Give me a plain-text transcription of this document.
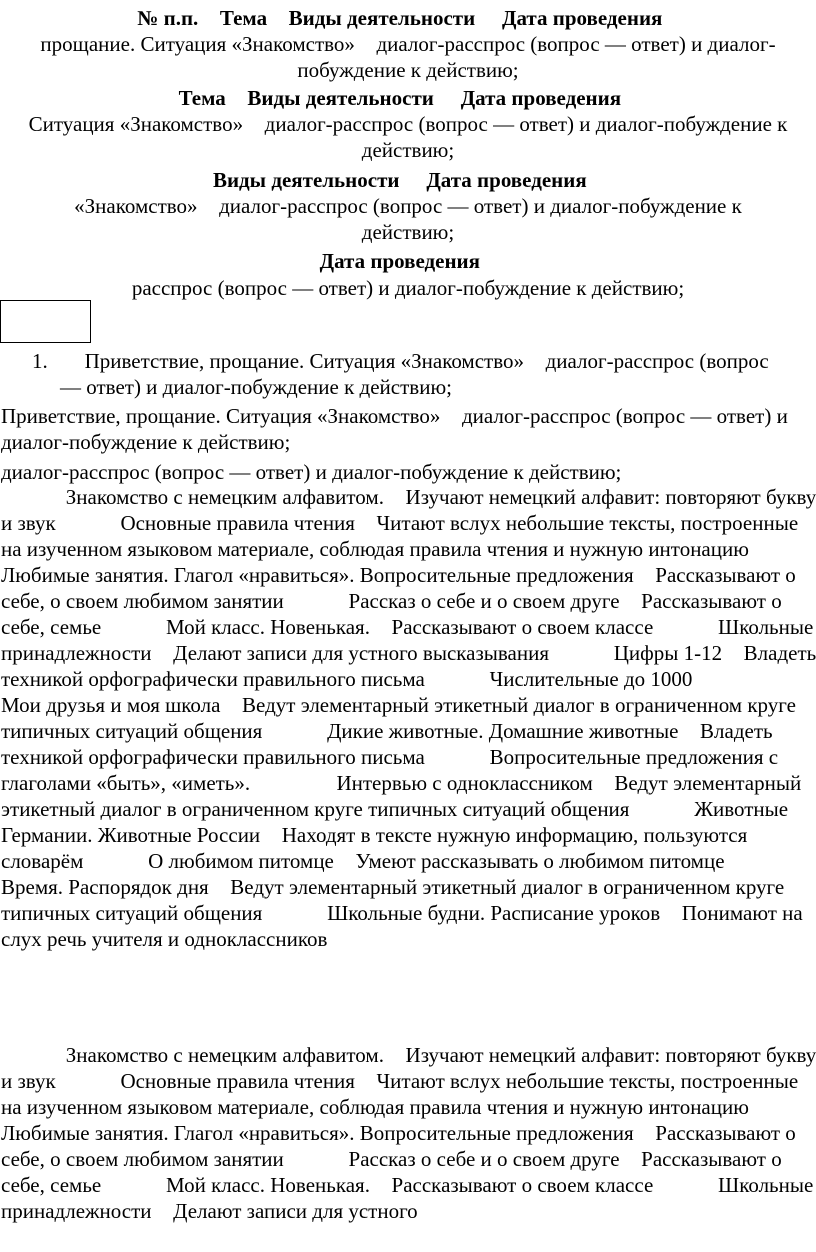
№ п.п. Тема Виды деятельности Дата проведения

прощание. Ситуация «Знакомство» диалог-расспрос (вопрос — ответ) и диалог-побуждение к действию;

Тема Виды деятельности Дата проведения

Ситуация «Знакомство» диалог-расспрос (вопрос — ответ) и диалог-побуждение к действию;

Виды деятельности Дата проведения

«Знакомство» диалог-расспрос (вопрос — ответ) и диалог-побуждение к действию;

Дата проведения

расспрос (вопрос — ответ) и диалог-побуждение к действию;

1. Приветствие, прощание. Ситуация «Знакомство» диалог-расспрос (вопрос — ответ) и диалог-побуждение к действию;

Приветствие, прощание. Ситуация «Знакомство» диалог-расспрос (вопрос — ответ) и диалог-побуждение к действию;

диалог-расспрос (вопрос — ответ) и диалог-побуждение к действию;

Знакомство с немецким алфавитом. Изучают немецкий алфавит: повторяют букву и звук Основные правила чтения Читают вслух небольшие тексты, построенные на изученном языковом материале, соблюдая правила чтения и нужную интонацию Любимые занятия. Глагол «нравиться». Вопросительные предложения Рассказывают о себе, о своем любимом занятии Рассказ о себе и о своем друге Рассказывают о себе, семье Мой класс. Новенькая. Рассказывают о своем классе Школьные принадлежности Делают записи для устного высказывания Цифры 1-12 Владеть техникой орфографически правильного письма Числительные до 1000 Мои друзья и моя школа Ведут элементарный этикетный диалог в ограниченном круге типичных ситуаций общения Дикие животные. Домашние животные Владеть техникой орфографически правильного письма Вопросительные предложения с глаголами «быть», «иметь». Интервью с одноклассником Ведут элементарный этикетный диалог в ограниченном круге типичных ситуаций общения Животные Германии. Животные России Находят в тексте нужную информацию, пользуются словарём О любимом питомце Умеют рассказывать о любимом питомце Время. Распорядок дня Ведут элементарный этикетный диалог в ограниченном круге типичных ситуаций общения Школьные будни. Расписание уроков Понимают на слух речь учителя и одноклассников

Знакомство с немецким алфавитом. Изучают немецкий алфавит: повторяют букву и звук Основные правила чтения Читают вслух небольшие тексты, построенные на изученном языковом материале, соблюдая правила чтения и нужную интонацию Любимые занятия. Глагол «нравиться». Вопросительные предложения Рассказывают о себе, о своем любимом занятии Рассказ о себе и о своем друге Рассказывают о себе, семье Мой класс. Новенькая. Рассказывают о своем классе Школьные принадлежности Делают записи для устного
